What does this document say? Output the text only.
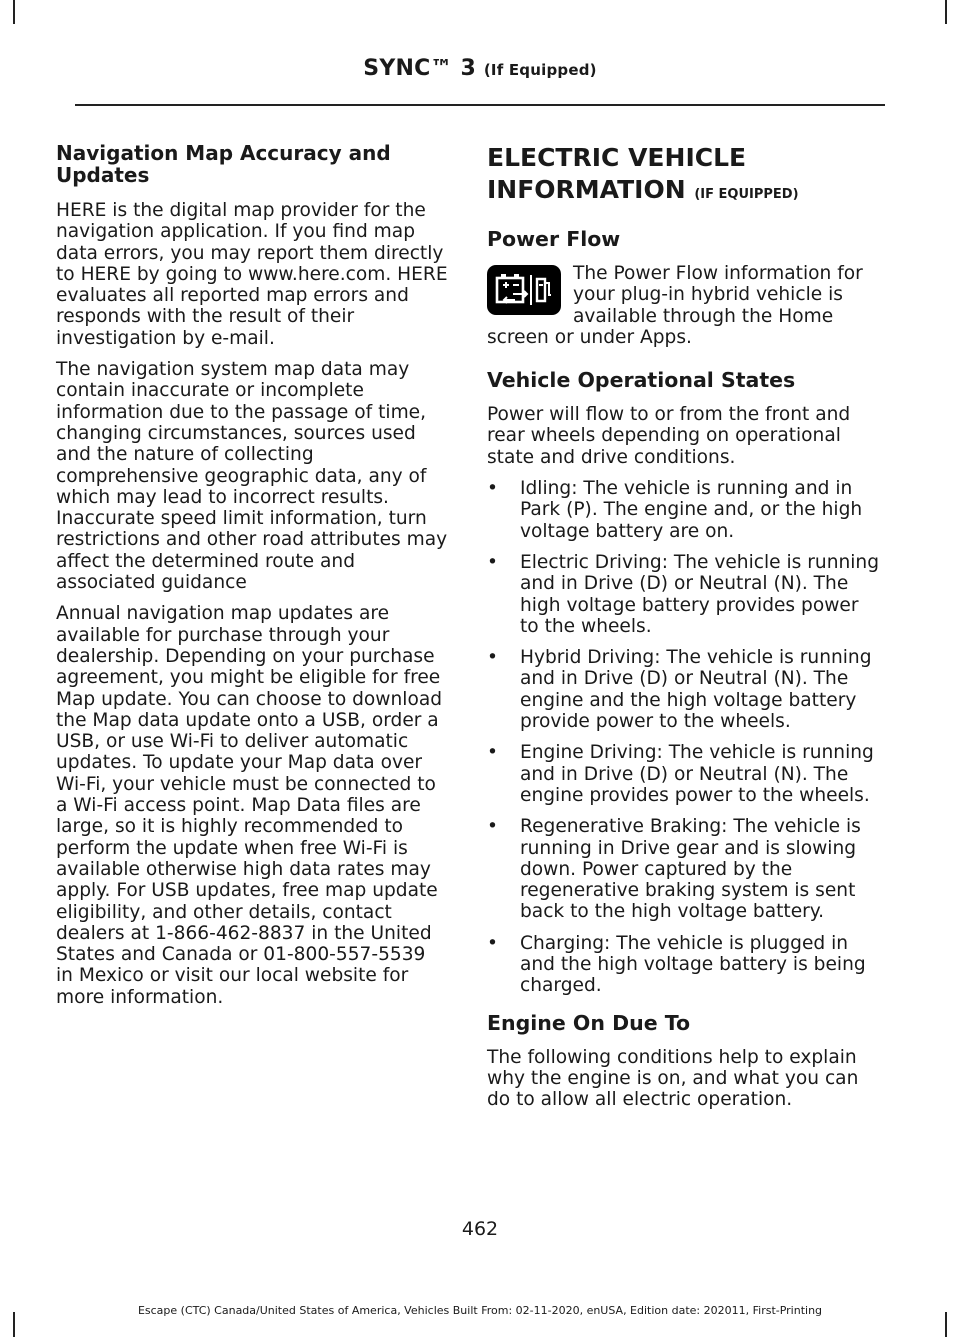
SYNC™ 3 (If Equipped)
Navigation Map Accuracy and Updates

HERE is the digital map provider for the navigation application. If you find map data errors, you may report them directly to HERE by going to www.here.com. HERE evaluates all reported map errors and responds with the result of their investigation by e-mail.

The navigation system map data may contain inaccurate or incomplete information due to the passage of time, changing circumstances, sources used and the nature of collecting comprehensive geographic data, any of which may lead to incorrect results. Inaccurate speed limit information, turn restrictions and other road attributes may affect the determined route and associated guidance

Annual navigation map updates are available for purchase through your dealership. Depending on your purchase agreement, you might be eligible for free Map update. You can choose to download the Map data update onto a USB, order a USB, or use Wi-Fi to deliver automatic updates. To update your Map data over Wi-Fi, your vehicle must be connected to a Wi-Fi access point. Map Data files are large, so it is highly recommended to perform the update when free Wi-Fi is available otherwise high data rates may apply. For USB updates, free map update eligibility, and other details, contact dealers at 1-866-462-8837 in the United States and Canada or 01-800-557-5539 in Mexico or visit our local website for more information.

ELECTRIC VEHICLE
INFORMATION (IF EQUIPPED)
Power Flow
The Power Flow information for your plug-in hybrid vehicle is available through the Home screen or under Apps.
Vehicle Operational States

Power will flow to or from the front and rear wheels depending on operational state and drive conditions.

• Idling: The vehicle is running and in Park (P). The engine and, or the high voltage battery are on.
• Electric Driving: The vehicle is running and in Drive (D) or Neutral (N). The high voltage battery provides power to the wheels.
• Hybrid Driving: The vehicle is running and in Drive (D) or Neutral (N). The engine and the high voltage battery provide power to the wheels.
• Engine Driving: The vehicle is running and in Drive (D) or Neutral (N). The engine provides power to the wheels.
• Regenerative Braking: The vehicle is running in Drive gear and is slowing down. Power captured by the regenerative braking system is sent back to the high voltage battery.
• Charging: The vehicle is plugged in and the high voltage battery is being charged.
Engine On Due To

The following conditions help to explain why the engine is on, and what you can do to allow all electric operation.

462
Escape (CTC) Canada/United States of America, Vehicles Built From: 02-11-2020, enUSA, Edition date: 202011, First-Printing
